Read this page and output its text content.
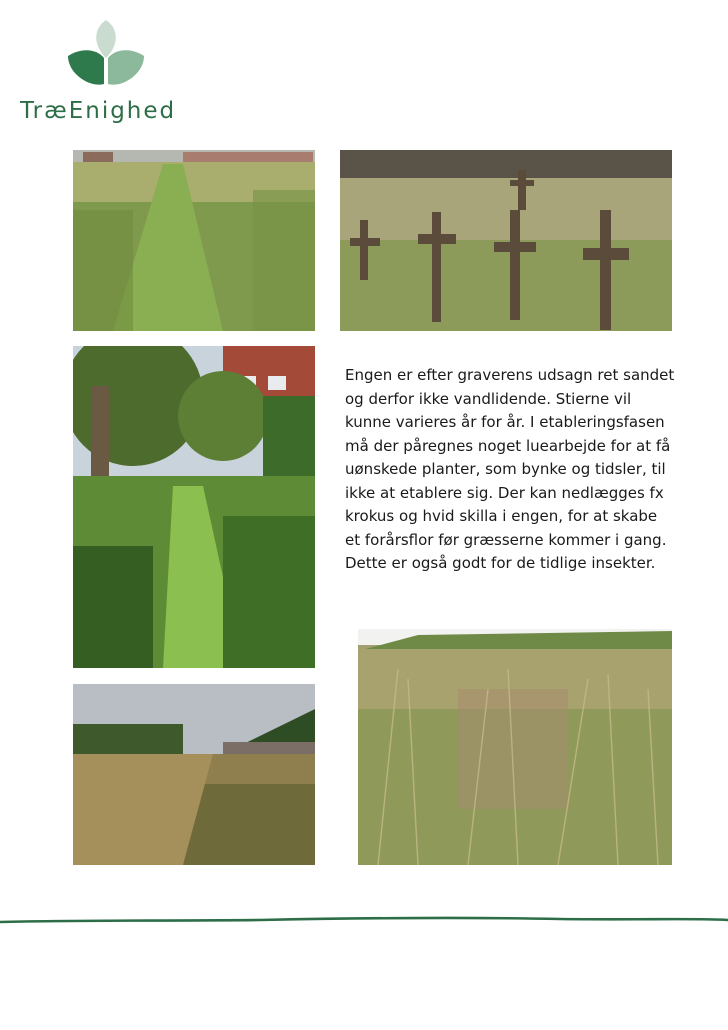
TræEnighed

Engen er efter graverens udsagn ret sandet og derfor ikke vandlidende. Stierne vil kunne varieres år for år. I etableringsfasen må der påregnes noget luearbejde for at få uønskede planter, som bynke og tidsler, til ikke at etablere sig. Der kan nedlægges fx krokus og hvid skilla i engen, for at skabe et forårsflor før græsserne kommer i gang. Dette er også godt for de tidlige insekter.
